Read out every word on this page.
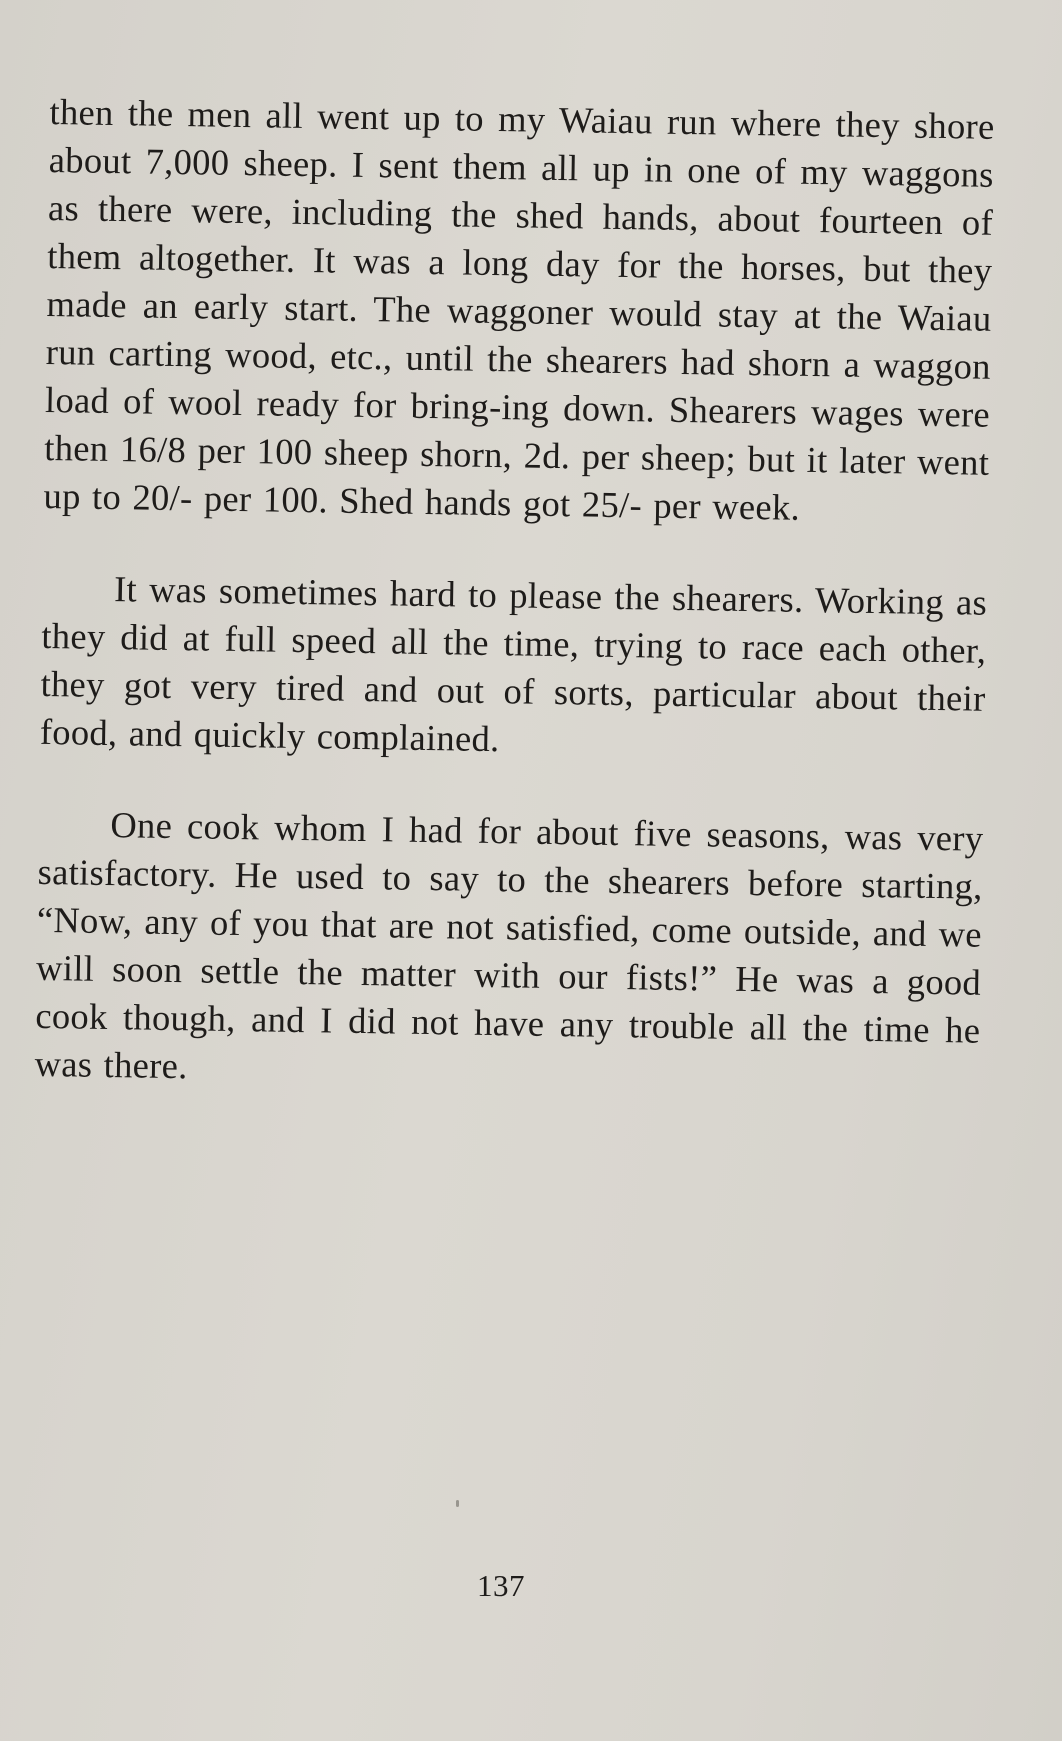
then the men all went up to my Waiau run where they shore about 7,000 sheep. I sent them all up in one of my waggons as there were, including the shed hands, about fourteen of them altogether. It was a long day for the horses, but they made an early start. The waggoner would stay at the Waiau run carting wood, etc., until the shearers had shorn a waggon load of wool ready for bring-ing down. Shearers wages were then 16/8 per 100 sheep shorn, 2d. per sheep; but it later went up to 20/- per 100. Shed hands got 25/- per week.

It was sometimes hard to please the shearers. Working as they did at full speed all the time, trying to race each other, they got very tired and out of sorts, particular about their food, and quickly complained.

One cook whom I had for about five seasons, was very satisfactory. He used to say to the shearers before starting, “Now, any of you that are not satisfied, come outside, and we will soon settle the matter with our fists!” He was a good cook though, and I did not have any trouble all the time he was there.

137
